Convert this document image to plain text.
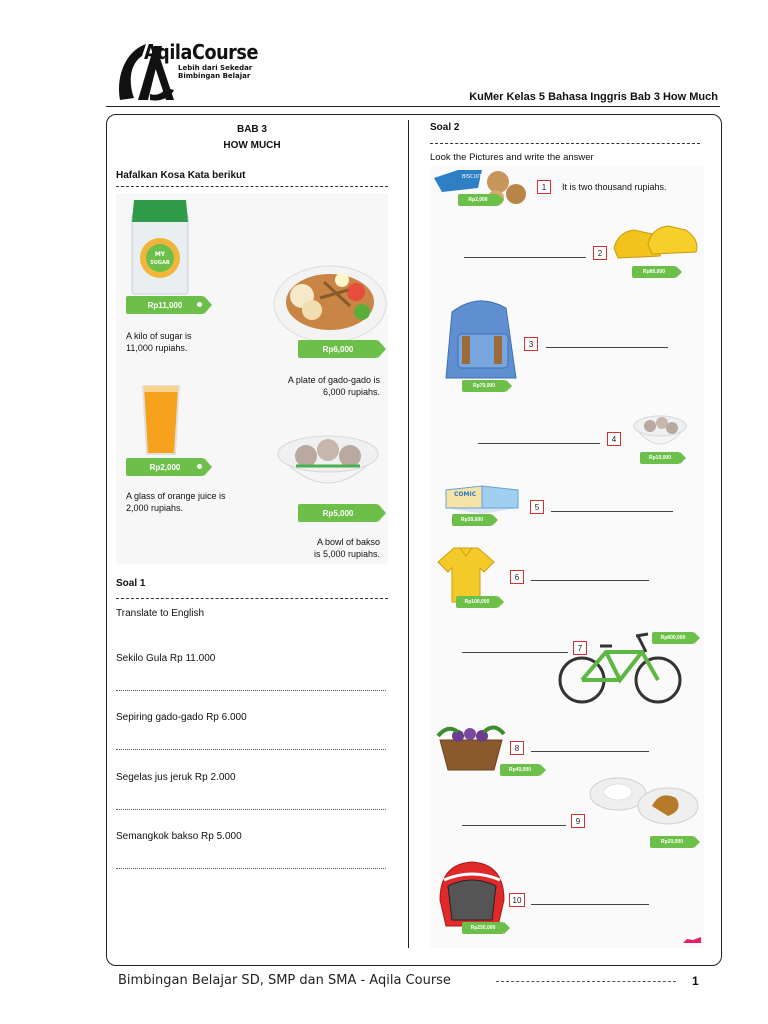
AqilaCourse
Lebih dari Sekedar
Bimbingan Belajar
KuMer Kelas 5 Bahasa Inggris Bab 3 How Much
BAB 3
HOW MUCH
Hafalkan Kosa Kata berikut
MY
SUGAR
Rp11,000
A kilo of sugar is
11,000 rupiahs.	Rp6,000
A plate of gado-gado is
6,000 rupiahs.
Rp2,000
A glass of orange juice is
2,000 rupiahs.	Rp5,000
A bowl of bakso
is 5,000 rupiahs.
Soal 1
Translate to English
Sekilo Gula Rp 11.000
Sepiring gado-gado Rp 6.000
Segelas jus jeruk Rp 2.000
Semangkok bakso Rp 5.000
Soal 2
Look the Pictures and write the answer
BISCUIT
Rp2,000
1	It is two thousand rupiahs.
2
Rp80,000
Rp70,000
3
4
Rp10,000
COMIC
Rp30,000
5
Rp100,000
6
7
Rp800,000
Rp40,000
8
Rp20,000
9
Rp250,000
10
Bimbingan Belajar SD, SMP dan SMA - Aqila Course	1
